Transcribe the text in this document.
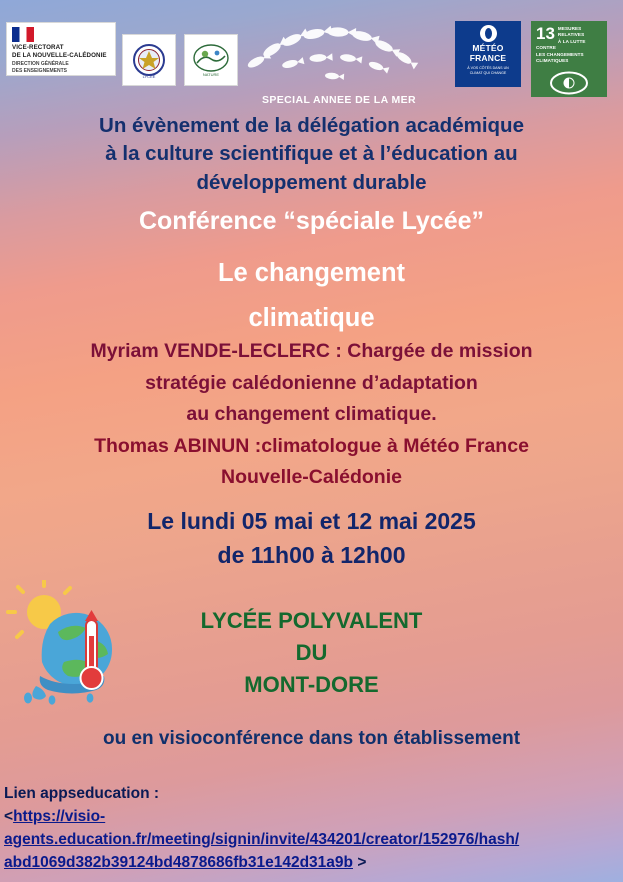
VICE-RECTORAT
DE LA NOUVELLE-CALÉDONIE
DIRECTION GÉNÉRALE
DES ENSEIGNEMENTS
LYCEE	NATURE
SPECIAL ANNEE DE LA MER
MÉTÉO
FRANCE
À VOS CÔTÉS DANS UN
CLIMAT QUI CHANGE
13 MESURES RELATIVES
À LA LUTTE CONTRE
LES CHANGEMENTS
CLIMATIQUES
Un évènement de la délégation académique
à la culture scientifique et à l’éducation au
développement durable
Conférence “spéciale Lycée”
Le changement
climatique
Myriam VENDE-LECLERC : Chargée de mission
stratégie calédonienne d’adaptation
au changement climatique.
Thomas ABINUN :climatologue à Météo France
Nouvelle-Calédonie
Le lundi 05 mai et 12 mai 2025
de 11h00 à 12h00
LYCÉE POLYVALENT
DU
MONT-DORE
ou en visioconférence dans ton établissement
Lien appseducation :
<https://visio-
agents.education.fr/meeting/signin/invite/434201/creator/152976/hash/
abd1069d382b39124bd4878686fb31e142d31a9b >
